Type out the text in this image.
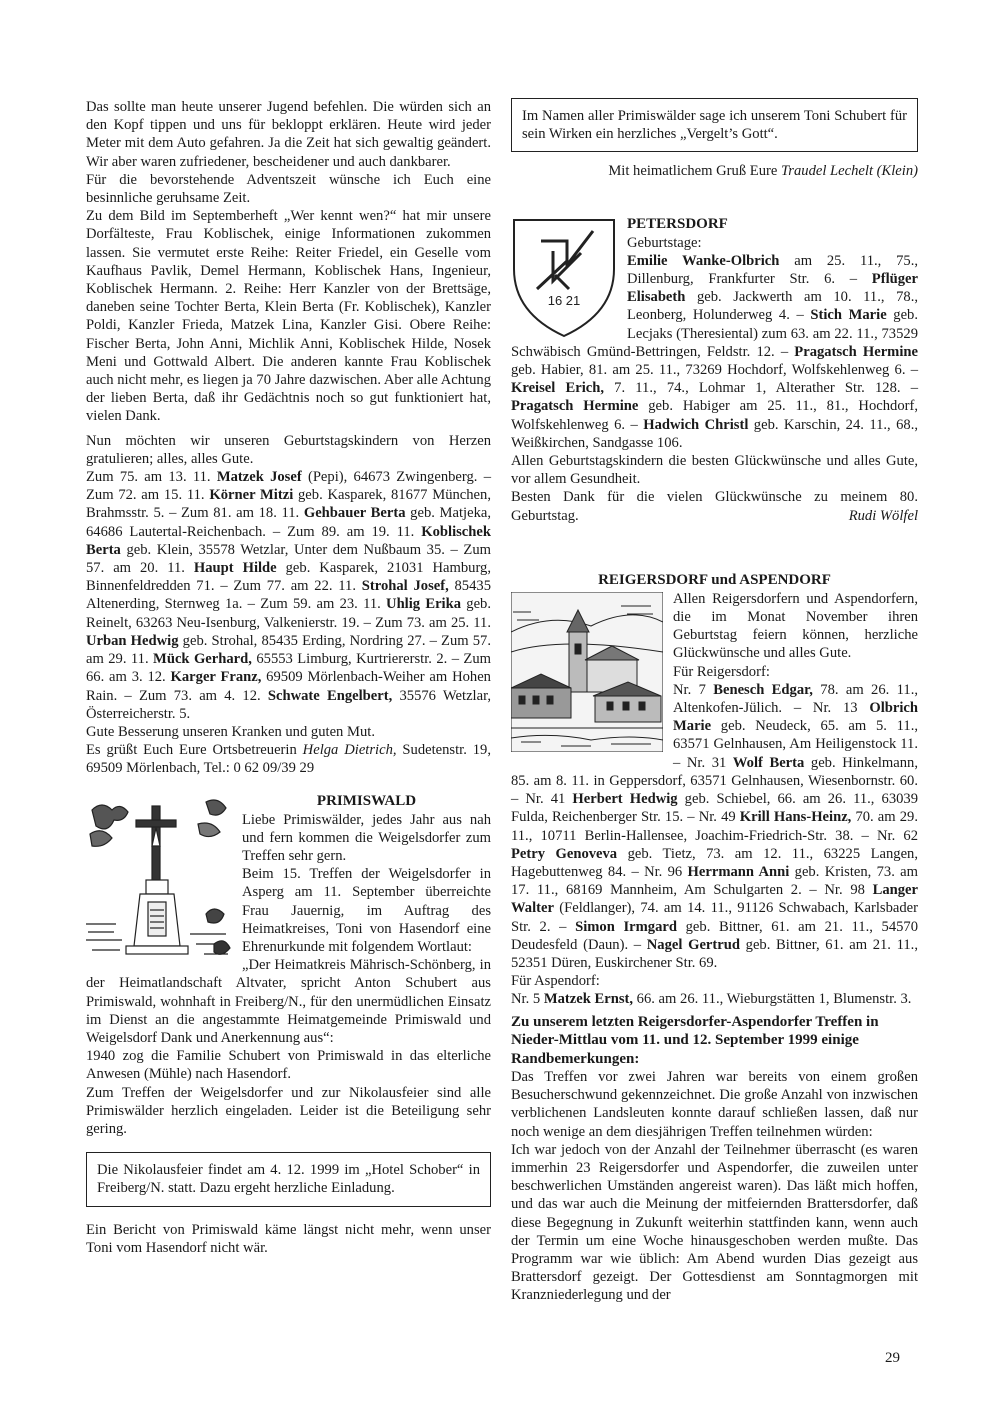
Das sollte man heute unserer Jugend befehlen. Die würden sich an den Kopf tippen und uns für bekloppt erklären. Heute wird jeder Meter mit dem Auto gefahren. Ja die Zeit hat sich gewaltig geändert. Wir aber waren zufriedener, bescheidener und auch dankbarer.

Für die bevorstehende Adventszeit wünsche ich Euch eine besinnliche geruhsame Zeit.

Zu dem Bild im Septemberheft „Wer kennt wen?“ hat mir unsere Dorfälteste, Frau Koblischek, einige Informationen zukommen lassen. Sie vermutet erste Reihe: Reiter Friedel, ein Geselle vom Kaufhaus Pavlik, Demel Hermann, Koblischek Hans, Ingenieur, Koblischek Hermann. 2. Reihe: Herr Kanzler von der Brettsäge, daneben seine Tochter Berta, Klein Berta (Fr. Koblischek), Kanzler Poldi, Kanzler Frieda, Matzek Lina, Kanzler Gisi. Obere Reihe: Fischer Berta, John Anni, Michlik Anni, Koblischek Hilde, Nosek Meni und Gottwald Albert. Die anderen kannte Frau Koblischek auch nicht mehr, es liegen ja 70 Jahre dazwischen. Aber alle Achtung der lieben Berta, daß ihr Gedächtnis noch so gut funktioniert hat, vielen Dank.

Nun möchten wir unseren Geburtstagskindern von Herzen gratulieren; alles, alles Gute.

Zum 75. am 13. 11. Matzek Josef (Pepi), 64673 Zwingenberg. – Zum 72. am 15. 11. Körner Mitzi geb. Kasparek, 81677 München, Brahmsstr. 5. – Zum 81. am 18. 11. Gehbauer Berta geb. Matjeka, 64686 Lautertal-Reichenbach. – Zum 89. am 19. 11. Koblischek Berta geb. Klein, 35578 Wetzlar, Unter dem Nußbaum 35. – Zum 57. am 20. 11. Haupt Hilde geb. Kasparek, 21031 Hamburg, Binnenfeldredden 71. – Zum 77. am 22. 11. Strohal Josef, 85435 Altenerding, Sternweg 1a. – Zum 59. am 23. 11. Uhlig Erika geb. Reinelt, 63263 Neu-Isenburg, Valkenierstr. 19. – Zum 73. am 25. 11. Urban Hedwig geb. Strohal, 85435 Erding, Nordring 27. – Zum 57. am 29. 11. Mück Gerhard, 65553 Limburg, Kurtriererstr. 2. – Zum 66. am 3. 12. Karger Franz, 69509 Mörlenbach-Weiher am Hohen Rain. – Zum 73. am 4. 12. Schwate Engelbert, 35576 Wetzlar, Österreicherstr. 5.

Gute Besserung unseren Kranken und guten Mut.

Es grüßt Euch Eure Ortsbetreuerin Helga Dietrich, Sudetenstr. 19, 69509 Mörlenbach, Tel.: 0 62 09/39 29

PRIMISWALD

Liebe Primiswälder, jedes Jahr aus nah und fern kommen die Weigelsdorfer zum Treffen sehr gern.

Beim 15. Treffen der Weigelsdorfer in Asperg am 11. September überreichte Frau Jauernig, im Auftrag des Heimatkreises, Toni von Hasendorf eine Ehrenurkunde mit folgendem Wortlaut:

„Der Heimatkreis Mährisch-Schönberg, in der Heimatlandschaft Altvater, spricht Anton Schubert aus Primiswald, wohnhaft in Freiberg/N., für den unermüdlichen Einsatz im Dienst an die angestammte Heimatgemeinde Primiswald und Weigelsdorf Dank und Anerkennung aus“:

1940 zog die Familie Schubert von Primiswald in das elterliche Anwesen (Mühle) nach Hasendorf.

Zum Treffen der Weigelsdorfer und zur Nikolausfeier sind alle Primiswälder herzlich eingeladen. Leider ist die Beteiligung sehr gering.

Die Nikolausfeier findet am 4. 12. 1999 im „Hotel Schober“ in Freiberg/N. statt. Dazu ergeht herzliche Einladung.

Ein Bericht von Primiswald käme längst nicht mehr, wenn unser Toni vom Hasendorf nicht wär.

Im Namen aller Primiswälder sage ich unserem Toni Schubert für sein Wirken ein herzliches „Vergelt’s Gott“.

Mit heimatlichem Gruß Eure Traudel Lechelt (Klein)

16 21
PETERSDORF

Geburtstage:

Emilie Wanke-Olbrich am 25. 11., 75., Dillenburg, Frankfurter Str. 6. – Pflüger Elisabeth geb. Jackwerth am 10. 11., 78., Leonberg, Holunderweg 4. – Stich Marie geb. Lecjaks (Theresiental) zum 63. am 22. 11., 73529 Schwäbisch Gmünd-Bettringen, Feldstr. 12. – Pragatsch Hermine geb. Habier, 81. am 25. 11., 73269 Hochdorf, Wolfskehlenweg 6. – Kreisel Erich, 7. 11., 74., Lohmar 1, Alterather Str. 128. – Pragatsch Hermine geb. Habiger am 25. 11., 81., Hochdorf, Wolfskehlenweg 6. – Hadwich Christl geb. Karschin, 24. 11., 68., Weißkirchen, Sandgasse 106.

Allen Geburtstagskindern die besten Glückwünsche und alles Gute, vor allem Gesundheit.

Besten Dank für die vielen Glückwünsche zu meinem 80. Geburtstag.	Rudi Wölfel

REIGERSDORF und ASPENDORF

Allen Reigersdorfern und Aspendorfern, die im Monat November ihren Geburtstag feiern können, herzliche Glückwünsche und alles Gute.

Für Reigersdorf:

Nr. 7 Benesch Edgar, 78. am 26. 11., Altenkofen-Jülich. – Nr. 13 Olbrich Marie geb. Neudeck, 65. am 5. 11., 63571 Gelnhausen, Am Heiligenstock 11. – Nr. 31 Wolf Berta geb. Hinkelmann, 85. am 8. 11. in Geppersdorf, 63571 Gelnhausen, Wiesenbornstr. 60. – Nr. 41 Herbert Hedwig geb. Schiebel, 66. am 26. 11., 63039 Fulda, Reichenberger Str. 15. – Nr. 49 Krill Hans-Heinz, 70. am 29. 11., 10711 Berlin-Hallensee, Joachim-Friedrich-Str. 38. – Nr. 62 Petry Genoveva geb. Tietz, 73. am 12. 11., 63225 Langen, Hagebuttenweg 84. – Nr. 96 Herrmann Anni geb. Kristen, 73. am 17. 11., 68169 Mannheim, Am Schulgarten 2. – Nr. 98 Langer Walter (Feldlanger), 74. am 14. 11., 91126 Schwabach, Karlsbader Str. 2. – Simon Irmgard geb. Bittner, 61. am 21. 11., 54570 Deudesfeld (Daun). – Nagel Gertrud geb. Bittner, 61. am 21. 11., 52351 Düren, Euskirchener Str. 69.

Für Aspendorf:

Nr. 5 Matzek Ernst, 66. am 26. 11., Wieburgstätten 1, Blumenstr. 3.

Zu unserem letzten Reigersdorfer-Aspendorfer Treffen in Nieder-Mittlau vom 11. und 12. September 1999 einige Randbemerkungen:

Das Treffen vor zwei Jahren war bereits von einem großen Besucherschwund gekennzeichnet. Die große Anzahl von inzwischen verblichenen Landsleuten konnte darauf schließen lassen, daß nur noch wenige an dem diesjährigen Treffen teilnehmen würden:

Ich war jedoch von der Anzahl der Teilnehmer überrascht (es waren immerhin 23 Reigersdorfer und Aspendorfer, die zuweilen unter beschwerlichen Umständen angereist waren). Das läßt mich hoffen, und das war auch die Meinung der mitfeiernden Brattersdorfer, daß diese Begegnung in Zukunft weiterhin stattfinden kann, wenn auch der Termin um eine Woche hinausgeschoben werden mußte. Das Programm war wie üblich: Am Abend wurden Dias gezeigt aus Brattersdorf gezeigt. Der Gottesdienst am Sonntagmorgen mit Kranzniederlegung und der

29
